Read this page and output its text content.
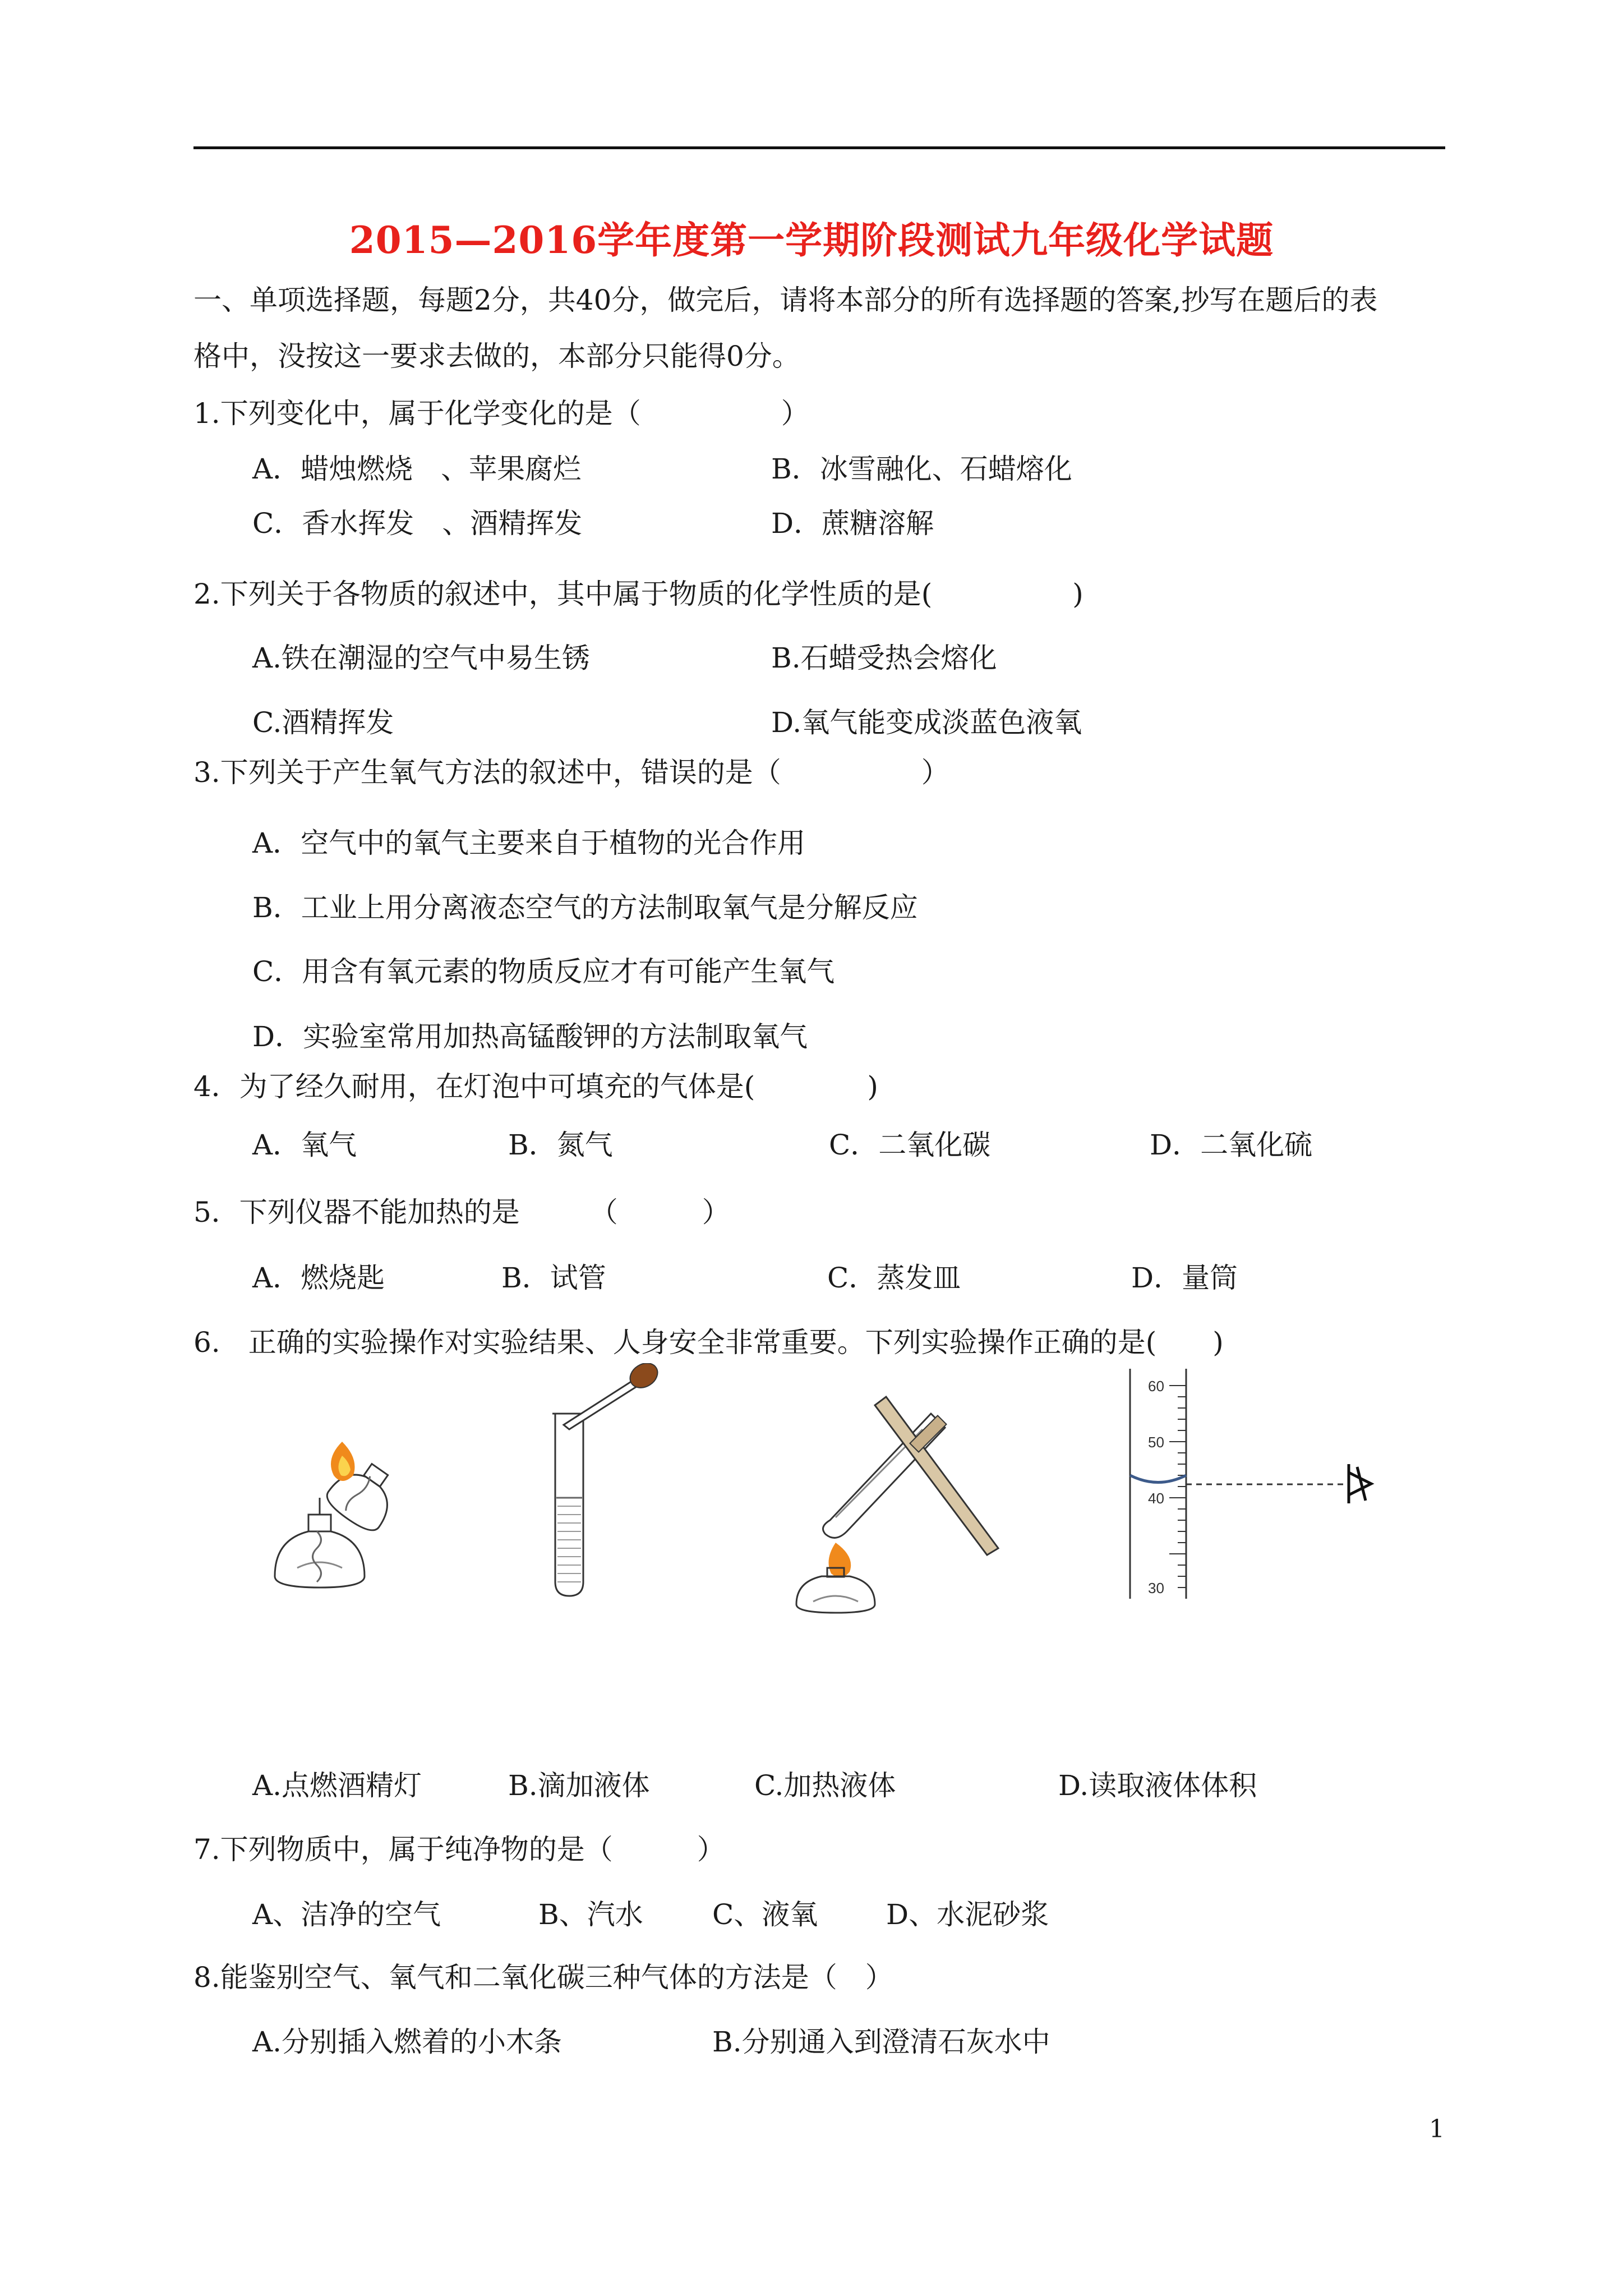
2015—2016学年度第一学期阶段测试九年级化学试题
一、单项选择题，每题2分，共40分，做完后，请将本部分的所有选择题的答案,抄写在题后的表
格中，没按这一要求去做的，本部分只能得0分。
1.下列变化中，属于化学变化的是（　　　　　）
A．蜡烛燃烧　、苹果腐烂	B．冰雪融化、石蜡熔化
C．香水挥发　、酒精挥发	D．蔗糖溶解
2.下列关于各物质的叙述中，其中属于物质的化学性质的是(　　　　　)
A.铁在潮湿的空气中易生锈	B.石蜡受热会熔化
C.酒精挥发	D.氧气能变成淡蓝色液氧
3.下列关于产生氧气方法的叙述中，错误的是（　　　　　）
A．空气中的氧气主要来自于植物的光合作用
B．工业上用分离液态空气的方法制取氧气是分解反应
C．用含有氧元素的物质反应才有可能产生氧气
D．实验室常用加热高锰酸钾的方法制取氧气
4．为了经久耐用，在灯泡中可填充的气体是(　　　　)
A．氧气	B．氮气	C．二氧化碳	D．二氧化硫
5．下列仪器不能加热的是　　　（　　　）
A．燃烧匙	B．试管	C．蒸发皿	D．量筒
6.　正确的实验操作对实验结果、人身安全非常重要。下列实验操作正确的是(　　)
60
50
40
30
A.点燃酒精灯	B.滴加液体	C.加热液体	D.读取液体体积
7.下列物质中，属于纯净物的是（　　　）
A、洁净的空气	B、汽水 C、液氧 D、水泥砂浆
8.能鉴别空气、氧气和二氧化碳三种气体的方法是（　）
A.分别插入燃着的小木条	B.分别通入到澄清石灰水中
1
